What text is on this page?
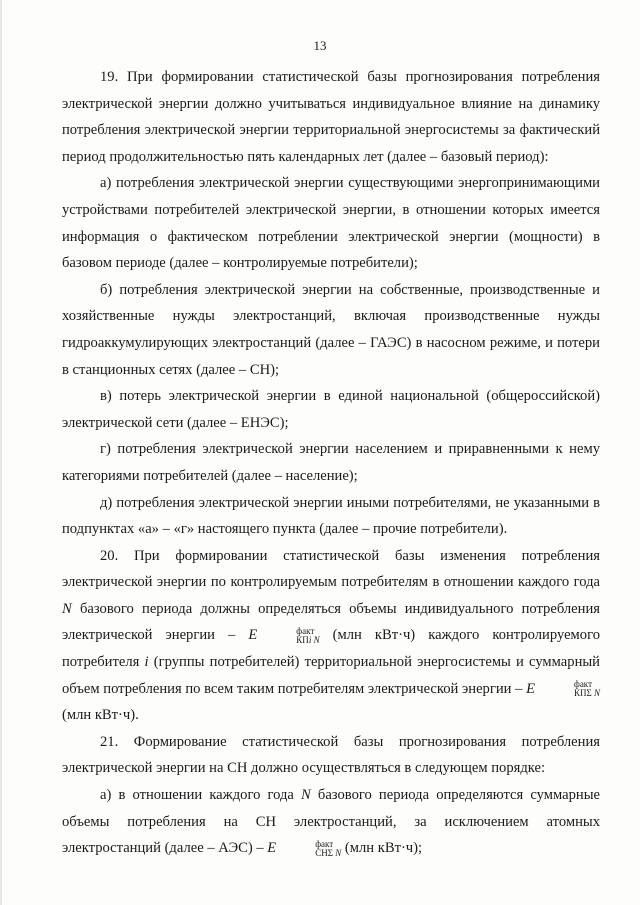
13

19. При формировании статистической базы прогнозирования потребления электрической энергии должно учитываться индивидуальное влияние на динамику потребления электрической энергии территориальной энергосистемы за фактический период продолжительностью пять календарных лет (далее – базовый период):

а) потребления электрической энергии существующими энергопринимающими устройствами потребителей электрической энергии, в отношении которых имеется информация о фактическом потреблении электрической энергии (мощности) в базовом периоде (далее – контролируемые потребители);

б) потребления электрической энергии на собственные, производственные и хозяйственные нужды электростанций, включая производственные нужды гидроаккумулирующих электростанций (далее – ГАЭС) в насосном режиме, и потери в станционных сетях (далее – СН);

в) потерь электрической энергии в единой национальной (общероссийской) электрической сети (далее – ЕНЭС);

г) потребления электрической энергии населением и приравненными к нему категориями потребителей (далее – население);

д) потребления электрической энергии иными потребителями, не указанными в подпунктах «а» – «г» настоящего пункта (далее – прочие потребители).

20. При формировании статистической базы изменения потребления электрической энергии по контролируемым потребителям в отношении каждого года N базового периода должны определяться объемы индивидуального потребления электрической энергии – E	факт
КПi N (млн кВт·ч) каждого контролируемого потребителя i (группы потребителей) территориальной энергосистемы и суммарный объем потребления по всем таким потребителям электрической энергии – E	факт
КПΣ N
(млн кВт·ч).

21. Формирование статистической базы прогнозирования потребления электрической энергии на СН должно осуществляться в следующем порядке:

а) в отношении каждого года N базового периода определяются суммарные объемы потребления на СН электростанций, за исключением атомных электростанций (далее – АЭС) – E	факт
СНΣ N (млн кВт·ч);
